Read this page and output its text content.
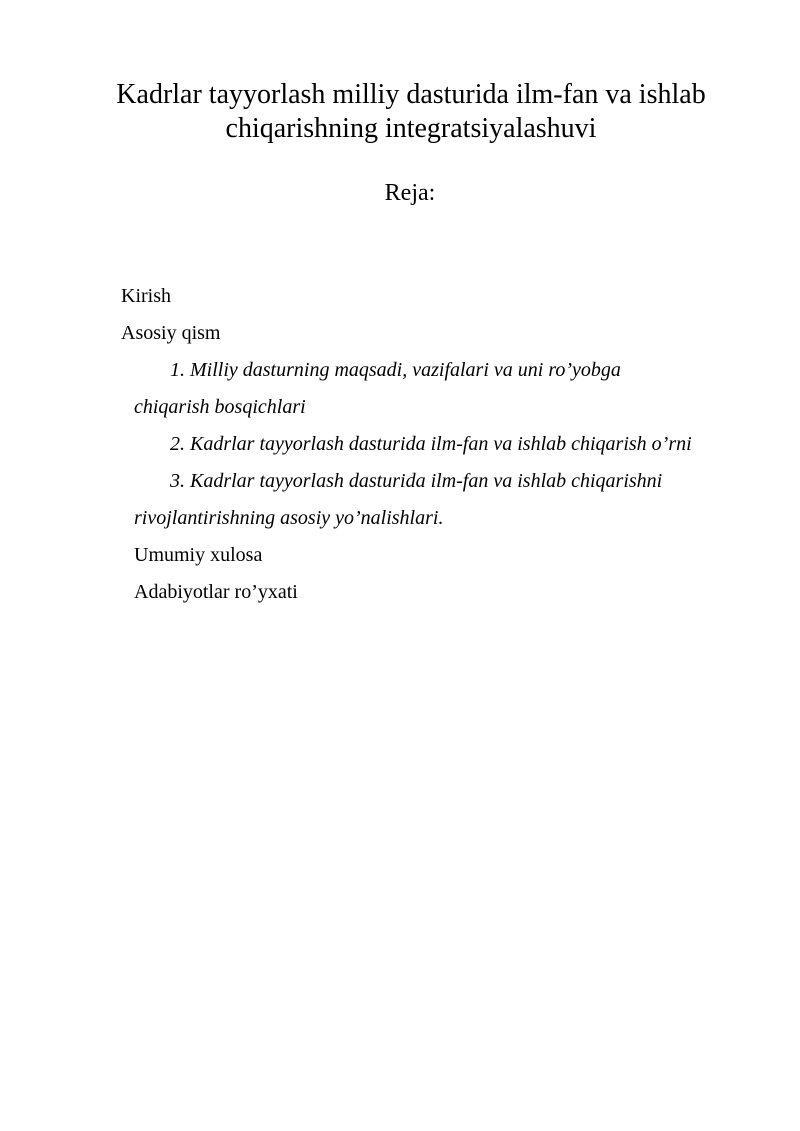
Kadrlar tayyorlash milliy dasturida ilm-fan va ishlab
chiqarishning integratsiyalashuvi
Reja:
Kirish
Asosiy qism
1. Milliy dasturning maqsadi, vazifalari va uni ro’yobga
chiqarish bosqichlari
2. Kadrlar tayyorlash dasturida ilm-fan va ishlab chiqarish o’rni
3. Kadrlar tayyorlash dasturida ilm-fan va ishlab chiqarishni
rivojlantirishning asosiy yo’nalishlari.
Umumiy xulosa
Adabiyotlar ro’yxati
